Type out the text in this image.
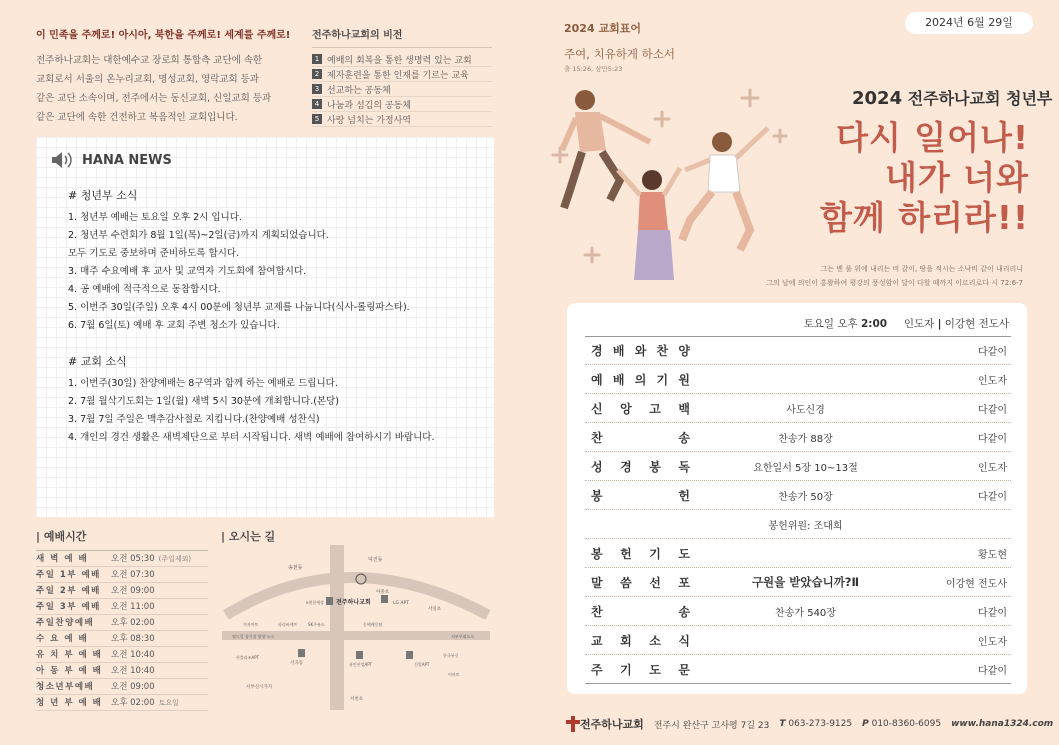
이 민족을 주께로! 아시아, 북한을 주께로! 세계를 주께로!
전주하나교회는 대한예수교 장로회 통합측 교단에 속한
교회로서 서울의 온누리교회, 명성교회, 영락교회 등과
같은 교단 소속이며, 전주에서는 동신교회, 신일교회 등과
같은 교단에 속한 건전하고 복음적인 교회입니다.
전주하나교회의 비전
1 예배의 회복을 통한 생명력 있는 교회
2 제자훈련을 통한 인재를 기르는 교육
3 선교하는 공동체
4 나눔과 섬김의 공동체
5 사랑 넘치는 가정사역
HANA NEWS
# 청년부 소식
1. 청년부 예배는 토요일 오후 2시 입니다.
2. 청년부 수련회가 8월 1일(목)~2일(금)까지 계획되었습니다.
모두 기도로 중보하며 준비하도록 합시다.
3. 매주 수요예배 후 교사 및 교역자 기도회에 참여합시다.
4. 공 예배에 적극적으로 동참합시다.
5. 이번주 30일(주일) 오후 4시 00분에 청년부 교제를 나눕니다(식사-롤링파스타).
6. 7월 6일(토) 예배 후 교회 주변 청소가 있습니다.
# 교회 소식
1. 이번주(30일) 찬양예배는 8구역과 함께 하는 예배로 드립니다.
2. 7월 월삭기도회는 1일(월) 새벽 5시 30분에 개최합니다.(본당)
3. 7월 7일 주일은 맥추감사절로 지킵니다.(찬양예배 성찬식)
4. 개인의 경건 생활은 새벽제단으로 부터 시작됩니다. 새벽 예배에 참여하시기 바랍니다.
| 예배시간
새 벽 예 배	오전 05:30 (주일제외)
주일 1부 예배	오전 07:30
주일 2부 예배	오전 09:00
주일 3부 예배	오전 11:00
주일찬양예배	오후 02:00
수 요 예 배	오후 08:30
유 치 부 예 배	오전 10:40
아 동 부 예 배	오전 10:40
청소년부예배	오전 09:00
청 년 부 예 배	오후 02:00 토요일
| 오시는 길
송천동
덕진동
전주하나교회
아중초
LG APT
서일초
e편한세상
월드컵 경기장 방향 도로	서부우회도로
가자마트	파리바게뜨	SK주유소	동에배몽탑
산불리조APT
서곡동	유인산업APT	신일APT
한국통신
이마트
서부신시가지
서천초
2024년 6월 29일
2024 교회표어
주여, 치유하게 하소서
출 15:26, 삼만5:23
2024 전주하나교회 청년부
다시 일어나!
내가 너와
함께 하리라!!
그는 벤 풀 위에 내리는 비 같이, 땅을 적시는 소낙비 같이 내리리니
그의 날에 의인이 흥왕하여 평강의 풍성함이 달이 다할 때까지 이르리로다 시 72:6-7
토요일 오후 2:00 인도자 | 이강현 전도사
경 배 와 찬 양	다같이
예 배 의 기 원	인도자
신 앙 고 백	사도신경	다같이
찬	송	찬송가 88장	다같이
성 경 봉 독	요한일서 5장 10~13절	인도자
봉	헌	찬송가 50장	다같이
봉헌위원: 조대희
봉 헌 기 도	황도현
말 씀 선 포	구원을 받았습니까?Ⅱ	이강현 전도사
찬	송	찬송가 540장	다같이
교 회 소 식	인도자
주 기 도 문	다같이
전주하나교회 전주시 완산구 고사평 7길 23 T 063-273-9125 P 010-8360-6095 www.hana1324.com
